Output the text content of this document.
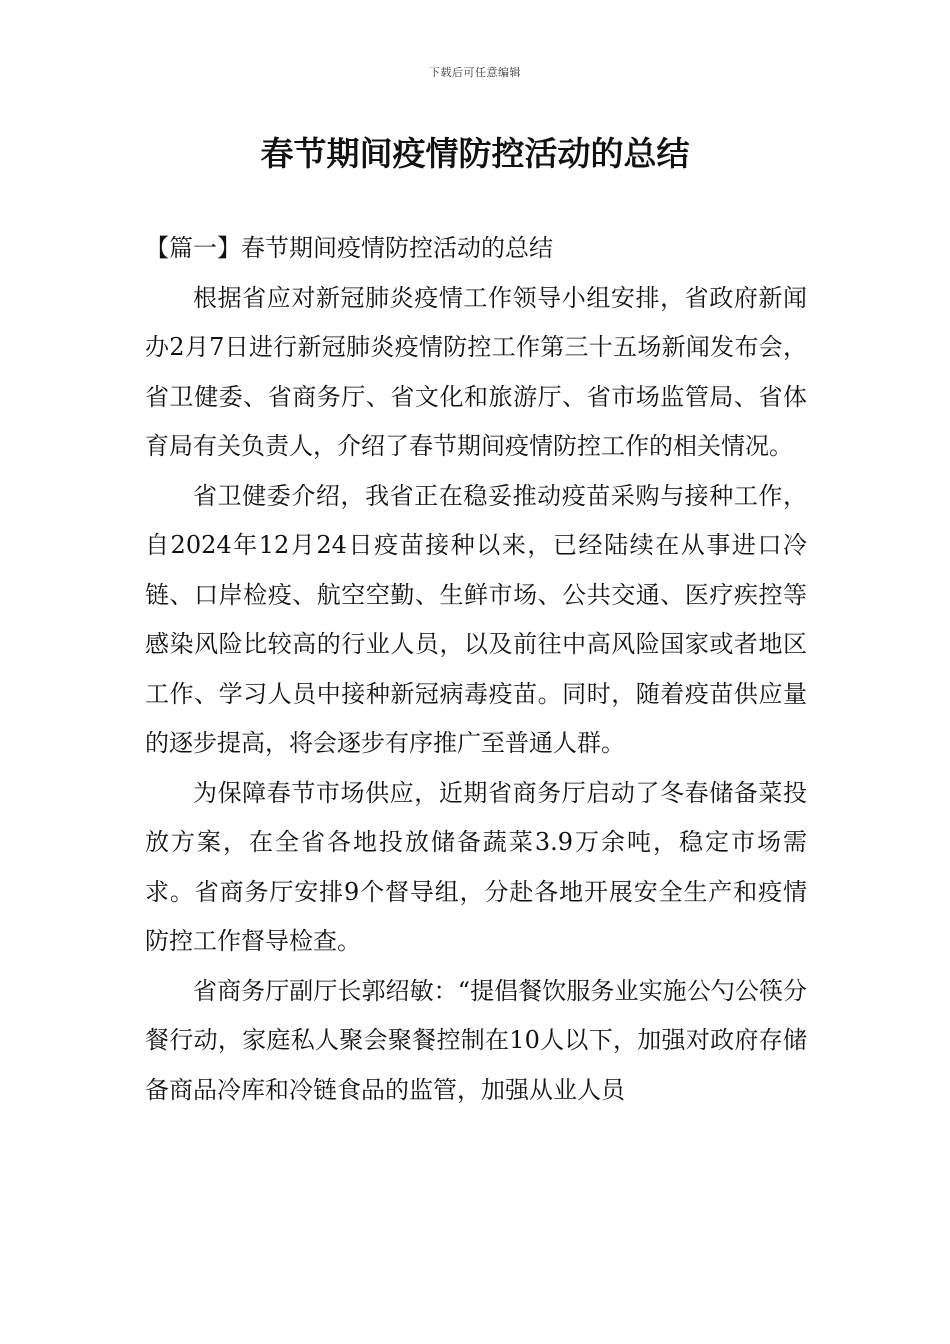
下载后可任意编辑
春节期间疫情防控活动的总结

【篇一】春节期间疫情防控活动的总结

根据省应对新冠肺炎疫情工作领导小组安排，省政府新闻办2月7日进行新冠肺炎疫情防控工作第三十五场新闻发布会，省卫健委、省商务厅、省文化和旅游厅、省市场监管局、省体育局有关负责人，介绍了春节期间疫情防控工作的相关情况。

省卫健委介绍，我省正在稳妥推动疫苗采购与接种工作，自2024年12月24日疫苗接种以来，已经陆续在从事进口冷链、口岸检疫、航空空勤、生鲜市场、公共交通、医疗疾控等感染风险比较高的行业人员，以及前往中高风险国家或者地区工作、学习人员中接种新冠病毒疫苗。同时，随着疫苗供应量的逐步提高，将会逐步有序推广至普通人群。

为保障春节市场供应，近期省商务厅启动了冬春储备菜投放方案，在全省各地投放储备蔬菜3.9万余吨，稳定市场需求。省商务厅安排9个督导组，分赴各地开展安全生产和疫情防控工作督导检查。

省商务厅副厅长郭绍敏：“提倡餐饮服务业实施公勺公筷分餐行动，家庭私人聚会聚餐控制在10人以下，加强对政府存储备商品冷库和冷链食品的监管，加强从业人员
